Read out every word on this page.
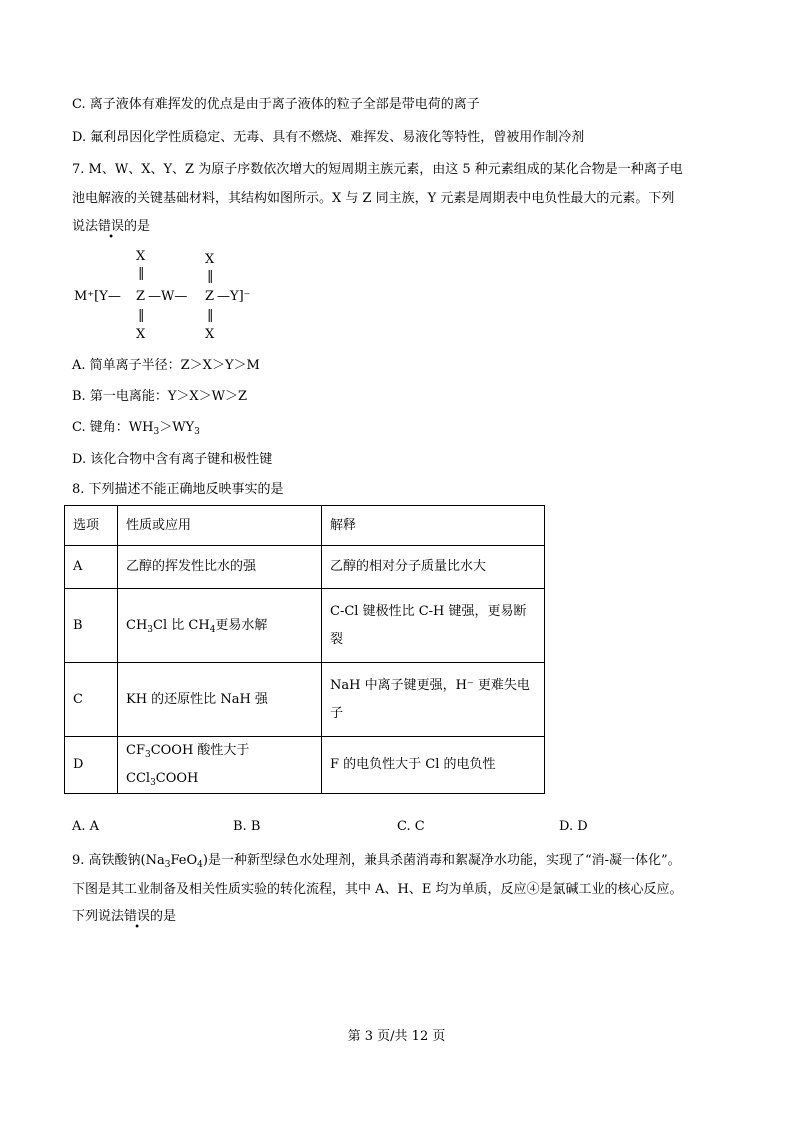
C. 离子液体有难挥发的优点是由于离子液体的粒子全部是带电荷的离子
D. 氟利昂因化学性质稳定、无毒、具有不燃烧、难挥发、易液化等特性，曾被用作制冷剂
7. M、W、X、Y、Z 为原子序数依次增大的短周期主族元素，由这 5 种元素组成的某化合物是一种离子电
池电解液的关键基础材料，其结构如图所示。X 与 Z 同主族，Y 元素是周期表中电负性最大的元素。下列
说法错误
•
的是
X	X
‖	‖
M⁺[Y— Z —W— Z —Y]⁻
‖	‖
X	X
A. 简单离子半径：Z＞X＞Y＞M
B. 第一电离能：Y＞X＞W＞Z
C. 键角：$WH_3>WY_3$
D. 该化合物中含有离子键和极性键
8. 下列描述不能正确地反映事实的是
选项	性质或应用	解释
A	乙醇的挥发性比水的强	乙醇的相对分子质量比水大
B	$CH_3Cl$ 比 $CH_4$更易水解	C-Cl 键极性比 C-H 键强，更易断
裂

C	KH 的还原性比 NaH 强	NaH 中离子键更强，H⁻ 更难失电
子

D	$CF_3COOH$ 酸性大于 CCl$_3$COOH	F 的电负性大于 Cl 的电负性
A. A	B. B	C. C	D. D
9. 高铁酸钠$(Na_3FeO_4)$是一种新型绿色水处理剂，兼具杀菌消毒和絮凝净水功能，实现了“消-凝一体化”。
下图是其工业制备及相关性质实验的转化流程，其中 A、H、E 均为单质，反应④是氯碱工业的核心反应。
下列说法错误
•
的是
第 3 页/共 12 页
